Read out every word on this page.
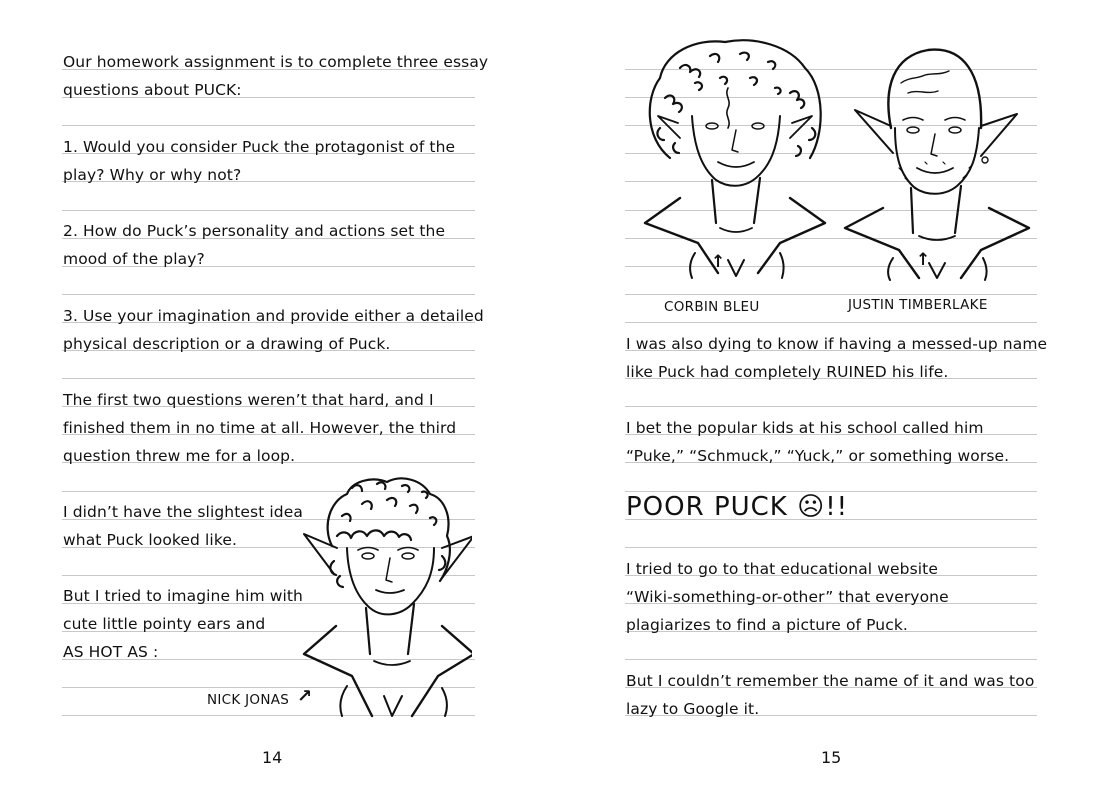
Our homework assignment is to complete three essay
questions about PUCK:
1. Would you consider Puck the protagonist of the
play? Why or why not?
2. How do Puck’s personality and actions set the
mood of the play?
3. Use your imagination and provide either a detailed
physical description or a drawing of Puck.
The first two questions weren’t that hard, and I
finished them in no time at all. However, the third
question threw me for a loop.
I didn’t have the slightest idea
what Puck looked like.
But I tried to imagine him with
cute little pointy ears and
AS HOT AS :
NICK JONAS ↗
14
↑	↑
CORBIN BLEU	JUSTIN TIMBERLAKE
I was also dying to know if having a messed-up name
like Puck had completely RUINED his life.
I bet the popular kids at his school called him
“Puke,” “Schmuck,” “Yuck,” or something worse.
POOR PUCK ☹!!
I tried to go to that educational website
“Wiki-something-or-other” that everyone
plagiarizes to find a picture of Puck.
But I couldn’t remember the name of it and was too
lazy to Google it.
15
